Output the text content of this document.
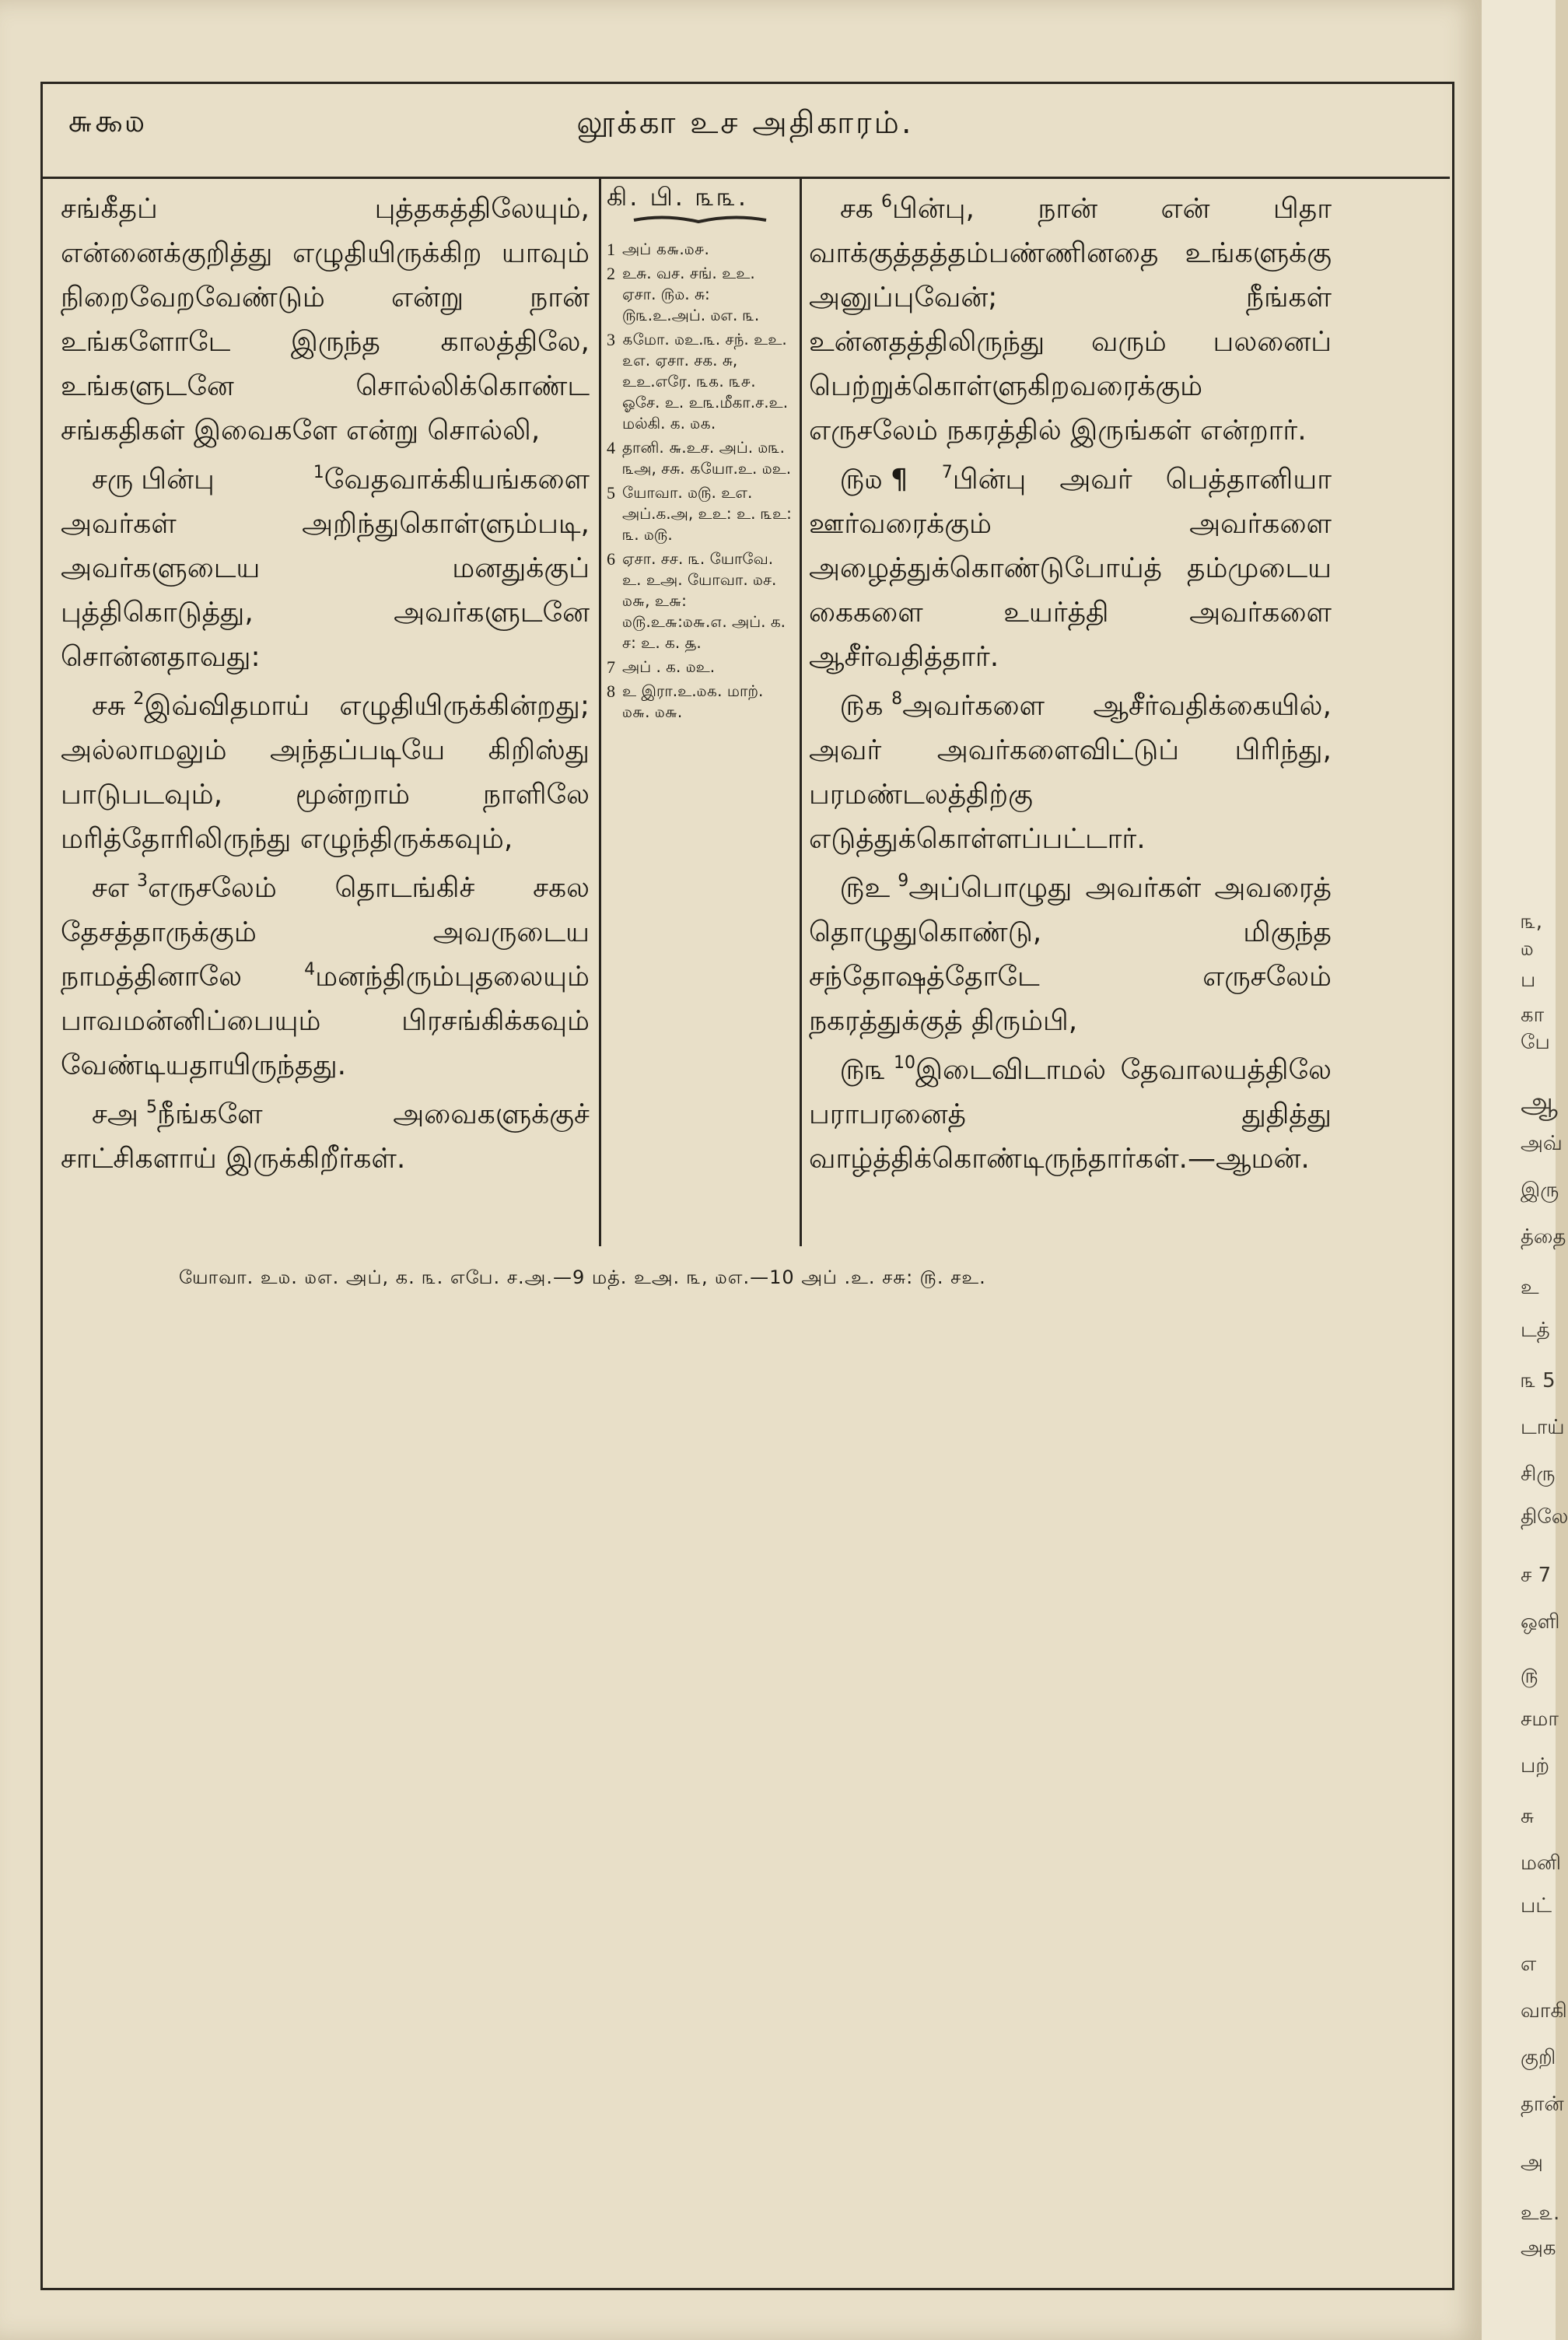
௬௯௰	லூக்கா உச அதிகாரம்.

சங்கீதப் புத்தகத்திலேயும், என்னைக்குறித்து எழுதியிருக்கிற யாவும் நிறைவேறவேண்டும் என்று நான் உங்களோடே இருந்த காலத்திலே, உங்களுடனே சொல்லிக்கொண்ட சங்கதிகள் இவைகளே என்று சொல்லி,

சரு பின்பு	$^1$வேதவாக்கியங்களை அவர்கள் அறிந்துகொள்ளும்படி, அவர்களுடைய மனதுக்குப் புத்திகொடுத்து, அவர்களுடனே சொன்னதாவது:

சசு $^2$இவ்விதமாய் எழுதியிருக்கின்றது; அல்லாமலும் அந்தப்படியே கிறிஸ்து பாடுபடவும், மூன்றாம் நாளிலே மரித்தோரிலிருந்து எழுந்திருக்கவும்,

சஎ $^3$எருசலேம் தொடங்கிச் சகல தேசத்தாருக்கும் அவருடைய நாமத்தினாலே $^4$மனந்திரும்புதலையும் பாவமன்னிப்பையும் பிரசங்கிக்கவும் வேண்டியதாயிருந்தது.

சஅ $^5$நீங்களே அவைகளுக்குச் சாட்சிகளாய் இருக்கிறீர்கள்.

கி. பி. ௩௩.
1 அப் ௧௬.௰௪.
2 உசு. வச. சங். உஉ. ஏசா. ௫௰. சு: ௫௩.உ.அப். ௰எ. ௩.
3 ௧மோ. ௰உ.௩. சந். உஉ. ௨எ. ஏசா. சக. சு, உஉ.எரே. ௩௧. ௩௪. ஓசே. உ. உ௩.மீகா.ச.உ. மல்கி. க. ௰௧.
4 தானி. ௬.உச. அப். ௰௩. ௩அ, சசு. ௧யோ.உ. ௰உ.
5 யோவா. ௰௫. உஎ. அப்.க.அ, உஉ: உ. ௩உ: ௩. ௰௫.
6 ஏசா. சச. ௩. யோவே. உ. உஅ. யோவா. ௰ச. ௰௬, உ௬: ௰௫.உ௬:௰௬.௭. அப். க. ச: உ. க. ௲.
7 அப் . க. ௰உ.
8 உ இரா.உ.௰௧. மாற். ௰௬. ௰௬.

சக $^6$பின்பு, நான் என் பிதா வாக்குத்தத்தம்பண்ணினதை உங்களுக்கு அனுப்புவேன்; நீங்கள் உன்னதத்திலிருந்து வரும் பலனைப் பெற்றுக்கொள்ளுகிறவரைக்கும் எருசலேம் நகரத்தில் இருங்கள் என்றார்.

௫௰ ¶ $^7$பின்பு அவர் பெத்தானியா ஊர்வரைக்கும் அவர்களை அழைத்துக்கொண்டுபோய்த் தம்முடைய கைகளை உயர்த்தி அவர்களை ஆசீர்வதித்தார்.

௫௧ $^8$அவர்களை ஆசீர்வதிக்கையில், அவர் அவர்களைவிட்டுப் பிரிந்து, பரமண்டலத்திற்கு எடுத்துக்கொள்ளப்பட்டார்.

௫உ $^9$அப்பொழுது அவர்கள் அவரைத் தொழுதுகொண்டு, மிகுந்த சந்தோஷத்தோடே எருசலேம் நகரத்துக்குத் திரும்பி,

௫௩ $^{10}$இடைவிடாமல் தேவாலயத்திலே பராபரனைத் துதித்து வாழ்த்திக்கொண்டிருந்தார்கள்.—ஆமன்.

யோவா. உ௰. ௰எ. அப், க. ௩. எபே. ச.அ.—9 மத். உஅ. ௩, ௰எ.—10 அப் .உ. சசு: ௫. சஉ.
௩,
௰
ப
கா
பே
ஆ
அவ்
இரு
த்தை
உ
டத்
௩ 5
டாய்
சிரு
திலே
ச 7
ஒளி
௫
சமா
பற்
சு
மனி
பட்
எ
வாகி
குறி
தான்
அ
உ௨.
அக
